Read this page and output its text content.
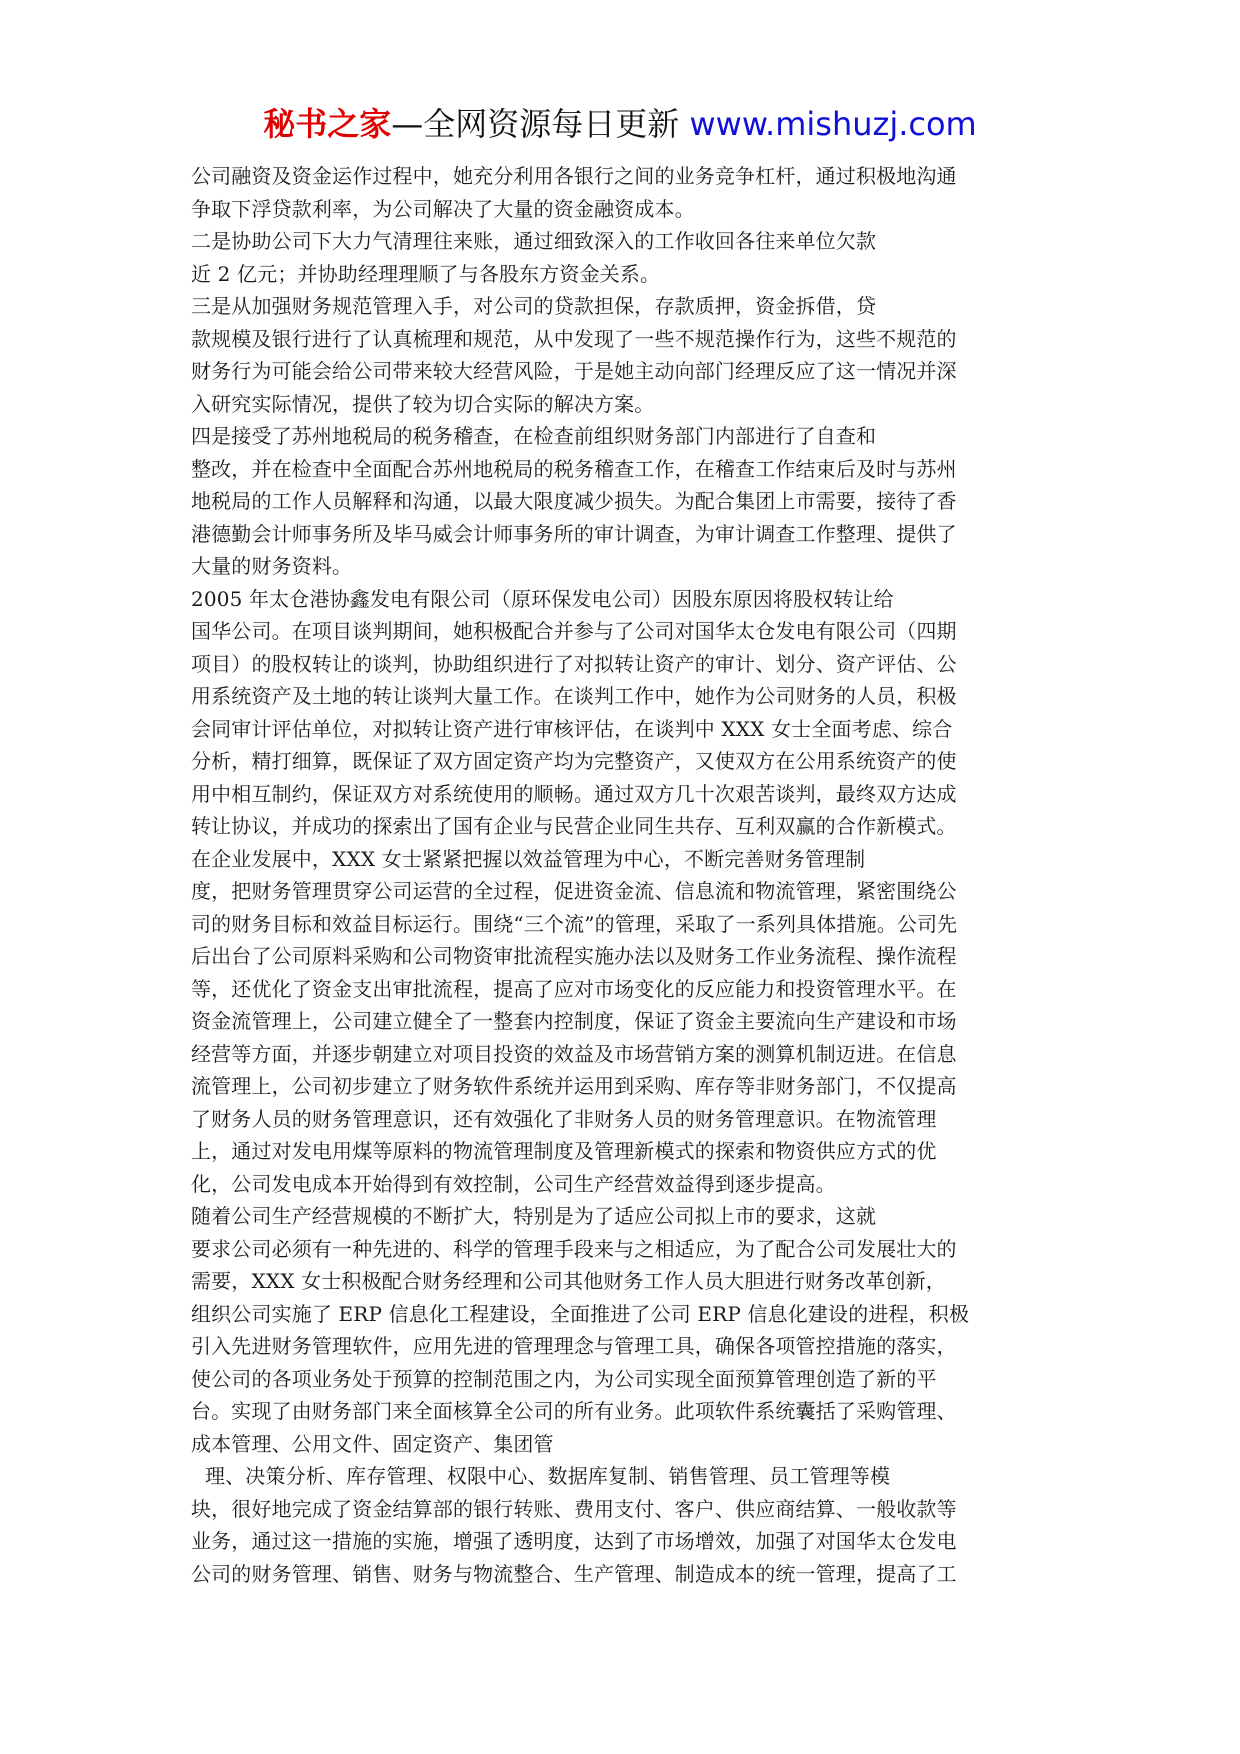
秘书之家—全网资源每日更新 www.mishuzj.com
公司融资及资金运作过程中，她充分利用各银行之间的业务竞争杠杆，通过积极地沟通
争取下浮贷款利率，为公司解决了大量的资金融资成本。
二是协助公司下大力气清理往来账，通过细致深入的工作收回各往来单位欠款
近 2 亿元；并协助经理理顺了与各股东方资金关系。
三是从加强财务规范管理入手，对公司的贷款担保，存款质押，资金拆借，贷
款规模及银行进行了认真梳理和规范，从中发现了一些不规范操作行为，这些不规范的
财务行为可能会给公司带来较大经营风险，于是她主动向部门经理反应了这一情况并深
入研究实际情况，提供了较为切合实际的解决方案。
四是接受了苏州地税局的税务稽查，在检查前组织财务部门内部进行了自查和
整改，并在检查中全面配合苏州地税局的税务稽查工作，在稽查工作结束后及时与苏州
地税局的工作人员解释和沟通，以最大限度减少损失。为配合集团上市需要，接待了香
港德勤会计师事务所及毕马威会计师事务所的审计调查，为审计调查工作整理、提供了
大量的财务资料。
2005 年太仓港协鑫发电有限公司（原环保发电公司）因股东原因将股权转让给
国华公司。在项目谈判期间，她积极配合并参与了公司对国华太仓发电有限公司（四期
项目）的股权转让的谈判，协助组织进行了对拟转让资产的审计、划分、资产评估、公
用系统资产及土地的转让谈判大量工作。在谈判工作中，她作为公司财务的人员，积极
会同审计评估单位，对拟转让资产进行审核评估，在谈判中 XXX 女士全面考虑、综合
分析，精打细算，既保证了双方固定资产均为完整资产，又使双方在公用系统资产的使
用中相互制约，保证双方对系统使用的顺畅。通过双方几十次艰苦谈判，最终双方达成
转让协议，并成功的探索出了国有企业与民营企业同生共存、互利双赢的合作新模式。
在企业发展中，XXX 女士紧紧把握以效益管理为中心，不断完善财务管理制
度，把财务管理贯穿公司运营的全过程，促进资金流、信息流和物流管理，紧密围绕公
司的财务目标和效益目标运行。围绕“三个流”的管理，采取了一系列具体措施。公司先
后出台了公司原料采购和公司物资审批流程实施办法以及财务工作业务流程、操作流程
等，还优化了资金支出审批流程，提高了应对市场变化的反应能力和投资管理水平。在
资金流管理上，公司建立健全了一整套内控制度，保证了资金主要流向生产建设和市场
经营等方面，并逐步朝建立对项目投资的效益及市场营销方案的测算机制迈进。在信息
流管理上，公司初步建立了财务软件系统并运用到采购、库存等非财务部门，不仅提高
了财务人员的财务管理意识，还有效强化了非财务人员的财务管理意识。在物流管理
上，通过对发电用煤等原料的物流管理制度及管理新模式的探索和物资供应方式的优
化，公司发电成本开始得到有效控制，公司生产经营效益得到逐步提高。
随着公司生产经营规模的不断扩大，特别是为了适应公司拟上市的要求，这就
要求公司必须有一种先进的、科学的管理手段来与之相适应，为了配合公司发展壮大的
需要，XXX 女士积极配合财务经理和公司其他财务工作人员大胆进行财务改革创新，
组织公司实施了 ERP 信息化工程建设，全面推进了公司 ERP 信息化建设的进程，积极
引入先进财务管理软件，应用先进的管理理念与管理工具，确保各项管控措施的落实，
使公司的各项业务处于预算的控制范围之内，为公司实现全面预算管理创造了新的平
台。实现了由财务部门来全面核算全公司的所有业务。此项软件系统囊括了采购管理、
成本管理、公用文件、固定资产、集团管
理、决策分析、库存管理、权限中心、数据库复制、销售管理、员工管理等模
块，很好地完成了资金结算部的银行转账、费用支付、客户、供应商结算、一般收款等
业务，通过这一措施的实施，增强了透明度，达到了市场增效，加强了对国华太仓发电
公司的财务管理、销售、财务与物流整合、生产管理、制造成本的统一管理，提高了工
